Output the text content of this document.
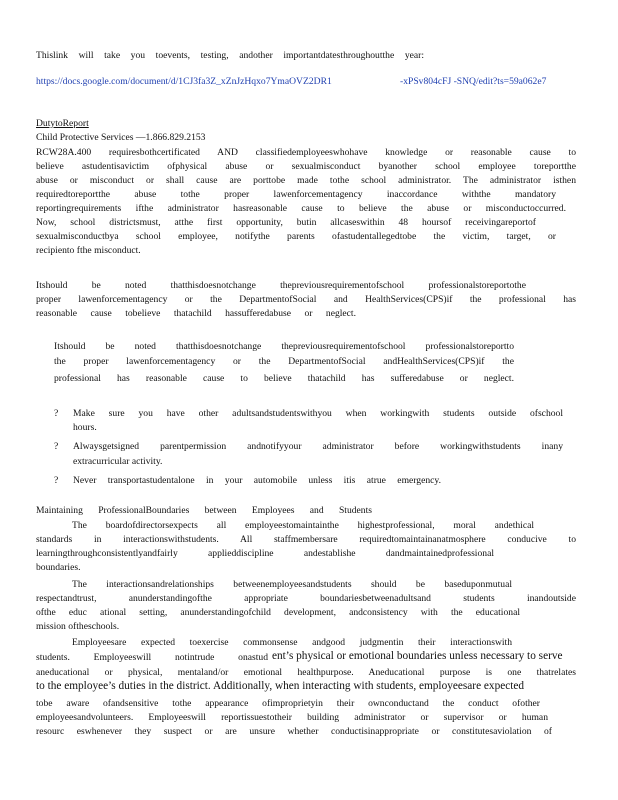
Thislink will take you toevents, testing, andother importantdatesthroughoutthe year:
https://docs.google.com/document/d/1CJ3fa3Z_xZnJzHqxo7YmaOVZ2DR1	-xPSv804cFJ -SNQ/edit?ts=59a062e7
DutytoReport
Child Protective Services —1.866.829.2153
RCW28A.400 requiresbothcertificated AND classifiedemployeeswhohave knowledge or reasonable cause to
believe astudentisavictim ofphysical abuse or sexualmisconduct byanother school employee toreportthe
abuse or misconduct or shall cause are porttobe made tothe school administrator. The administrator isthen
requiredtoreportthe abuse tothe proper lawenforcementagency inaccordance withthe mandatory
reportingrequirements ifthe administrator hasreasonable cause to believe the abuse or misconductoccurred.
Now, school districtsmust, atthe first opportunity, butin allcaseswithin 48 hoursof receivingareportof
sexualmisconductbya school employee, notifythe parents ofastudentallegedtobe the victim, target, or
recipiento fthe misconduct.
Itshould be noted thatthisdoesnotchange thepreviousrequirementofschool professionalstoreportothe
proper lawenforcementagency or the DepartmentofSocial and HealthServices(CPS)if the professional has
reasonable cause tobelieve thatachild hassufferedabuse or neglect.
Itshould be noted thatthisdoesnotchange thepreviousrequirementofschool professionalstoreportto
the proper lawenforcementagency or the DepartmentofSocial andHealthServices(CPS)if the
professional has reasonable cause to believe thatachild has sufferedabuse or neglect.
?	Make sure you have other adultsandstudentswithyou when workingwith students outside ofschool
hours.
?	Alwaysgetsigned parentpermission andnotifyyour administrator before workingwithstudents inany
extracurricular activity.
?	Never transportastudentalone in your automobile unless itis atrue emergency.
Maintaining ProfessionalBoundaries between Employees and Students
The boardofdirectorsexpects all employeestomaintainthe highestprofessional, moral andethical
standards in interactionswithstudents. All staffmembersare requiredtomaintainanatmosphere conducive to
learningthroughconsistentlyandfairly applieddiscipline andestablishe dandmaintainedprofessional
boundaries.
The interactionsandrelationships betweenemployeesandstudents should be baseduponmutual
respectandtrust, anunderstandingofthe appropriate boundariesbetweenadultsand students inandoutside
ofthe educ ational setting, anunderstandingofchild development, andconsistency with the educational
mission oftheschools.
Employeesare expected toexercise commonsense andgood judgmentin their interactionswith
students. Employeeswill notintrude onastud ent’s physical or emotional boundaries unless necessary to serve
aneducational or physical, mentaland/or emotional healthpurpose. Aneducational purpose is one thatrelates
to the employee’s duties in the district. Additionally, when interacting with students, employeesare expected
tobe aware ofandsensitive tothe appearance ofimproprietyin their ownconductand the conduct ofother
employeesandvolunteers. Employeeswill reportissuestotheir building administrator or supervisor or human
resourc eswhenever they suspect or are unsure whether conductisinappropriate or constitutesaviolation of
